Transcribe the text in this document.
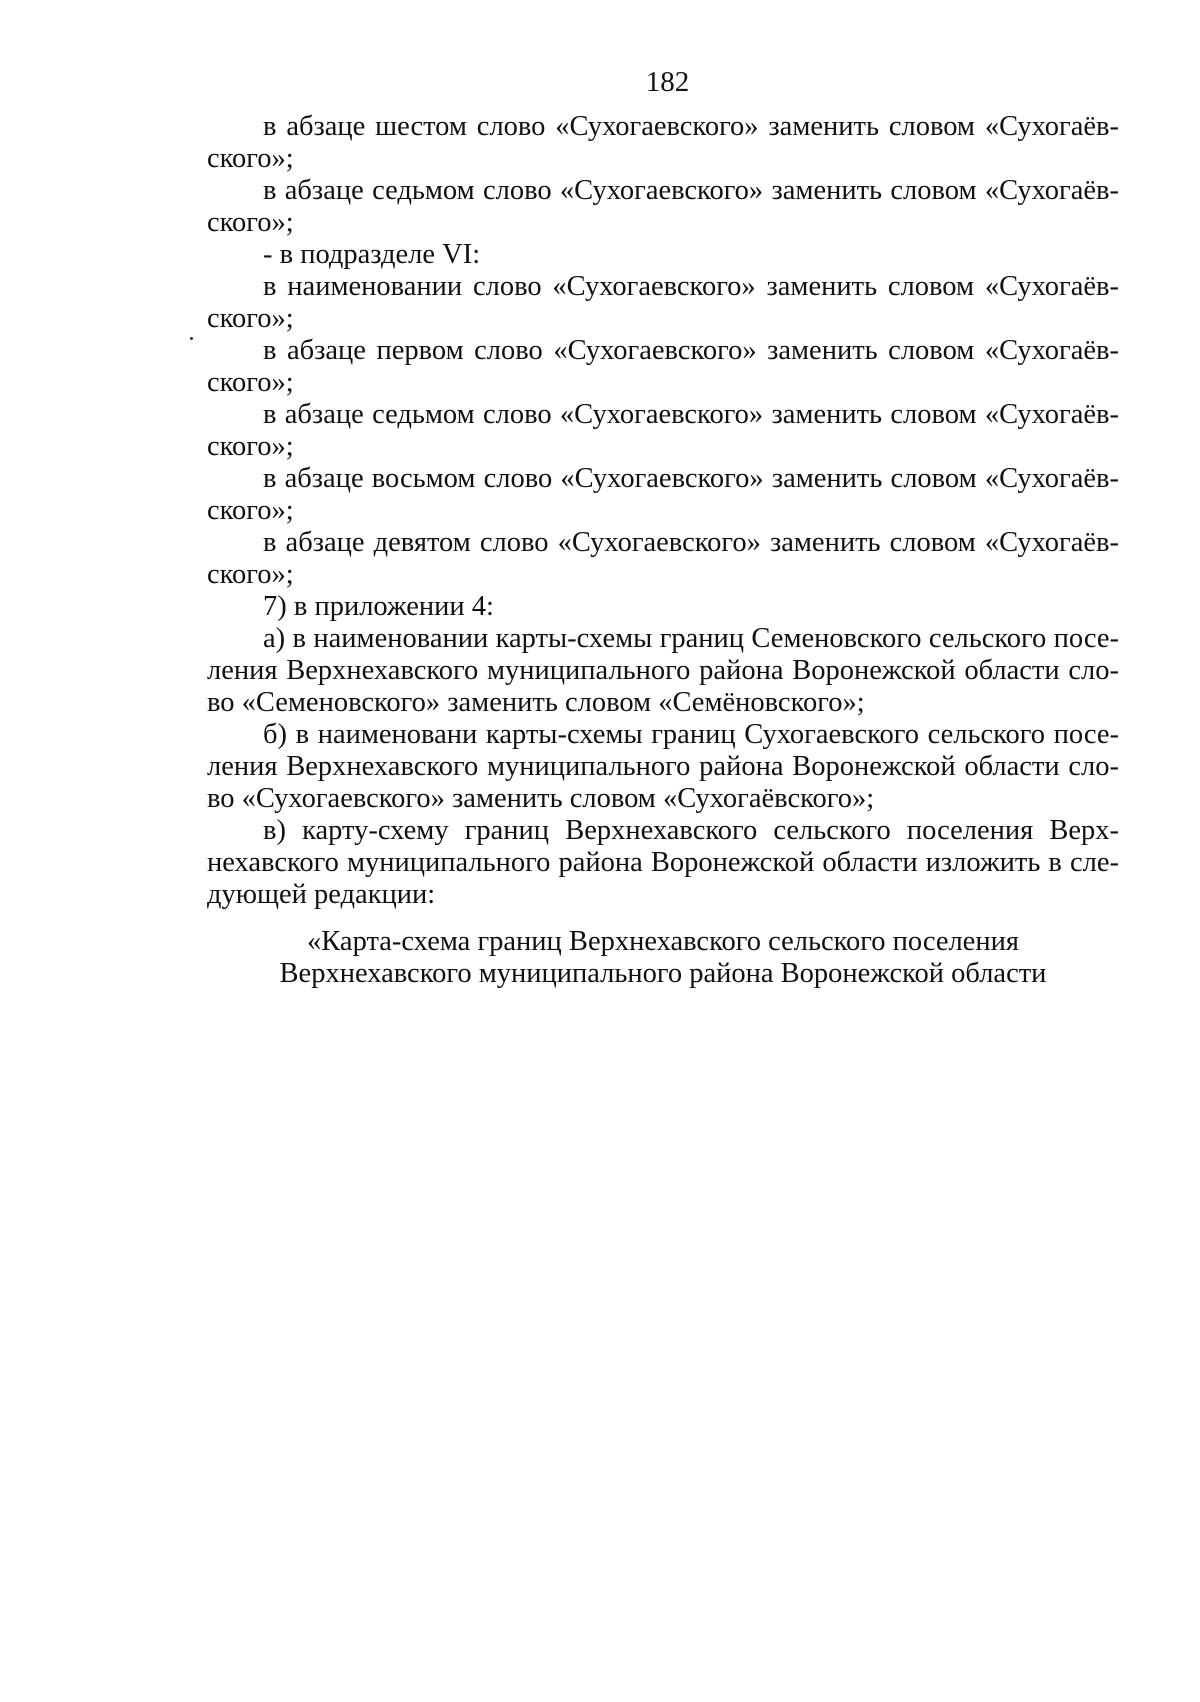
182
в абзаце шестом слово «Сухогаевского» заменить словом «Сухогаёв-
ского»;
в абзаце седьмом слово «Сухогаевского» заменить словом «Сухогаёв-
ского»;
- в подразделе VI:
в наименовании слово «Сухогаевского» заменить словом «Сухогаёв-
ского»;
в абзаце первом слово «Сухогаевского» заменить словом «Сухогаёв-
ского»;
в абзаце седьмом слово «Сухогаевского» заменить словом «Сухогаёв-
ского»;
в абзаце восьмом слово «Сухогаевского» заменить словом «Сухогаёв-
ского»;
в абзаце девятом слово «Сухогаевского» заменить словом «Сухогаёв-
ского»;
7) в приложении 4:
а) в наименовании карты-схемы границ Семеновского сельского посе-
ления Верхнехавского муниципального района Воронежской области сло-
во «Семеновского» заменить словом «Семёновского»;
б) в наименовани карты-схемы границ Сухогаевского сельского посе-
ления Верхнехавского муниципального района Воронежской области сло-
во «Сухогаевского» заменить словом «Сухогаёвского»;
в) карту-схему границ Верхнехавского сельского поселения Верх-
нехавского муниципального района Воронежской области изложить в сле-
дующей редакции:
«Карта-схема границ Верхнехавского сельского поселения
Верхнехавского муниципального района Воронежской области
